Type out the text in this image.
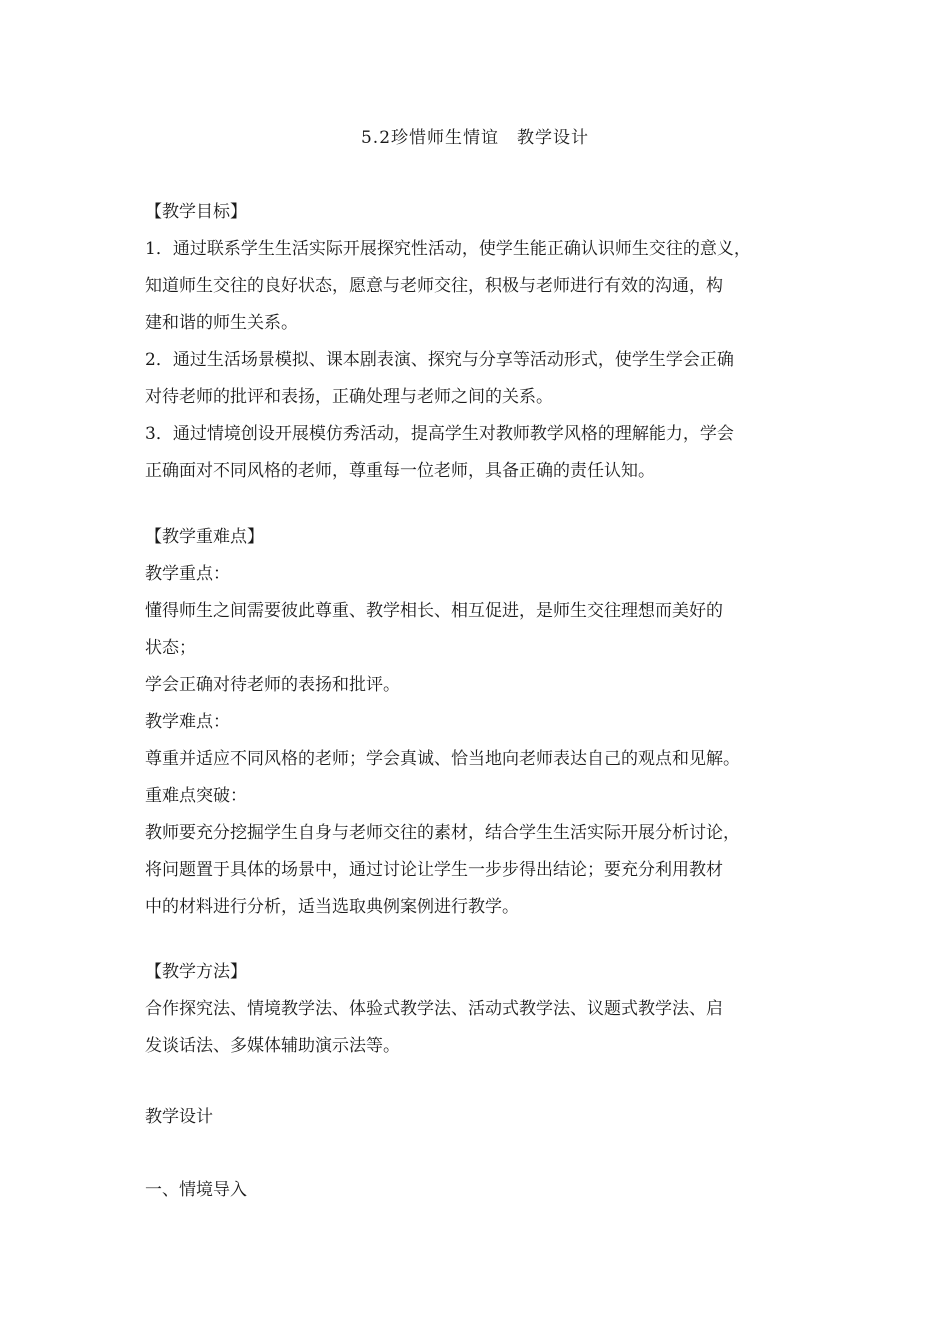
5.2珍惜师生情谊　教学设计

【教学目标】

1．通过联系学生生活实际开展探究性活动，使学生能正确认识师生交往的意义，

知道师生交往的良好状态，愿意与老师交往，积极与老师进行有效的沟通，构

建和谐的师生关系。

2．通过生活场景模拟、课本剧表演、探究与分享等活动形式，使学生学会正确

对待老师的批评和表扬，正确处理与老师之间的关系。

3．通过情境创设开展模仿秀活动，提高学生对教师教学风格的理解能力，学会

正确面对不同风格的老师，尊重每一位老师，具备正确的责任认知。

【教学重难点】

教学重点：

懂得师生之间需要彼此尊重、教学相长、相互促进，是师生交往理想而美好的

状态；

学会正确对待老师的表扬和批评。

教学难点：

尊重并适应不同风格的老师；学会真诚、恰当地向老师表达自己的观点和见解。

重难点突破：

教师要充分挖掘学生自身与老师交往的素材，结合学生生活实际开展分析讨论，

将问题置于具体的场景中，通过讨论让学生一步步得出结论；要充分利用教材

中的材料进行分析，适当选取典例案例进行教学。

【教学方法】

合作探究法、情境教学法、体验式教学法、活动式教学法、议题式教学法、启

发谈话法、多媒体辅助演示法等。

教学设计
一、情境导入
